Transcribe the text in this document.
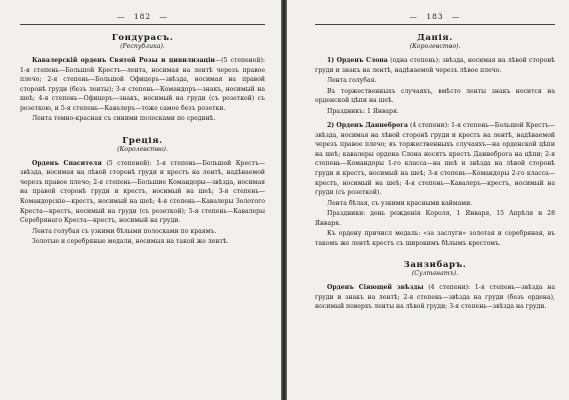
— 182 —
Гондурасъ.
(Республика).

Кавалерскій орденъ Святой Розы и цивилизаціи—(5 степеней): 1-я степень—Большой Крестъ—лента, носимая на лентѣ черезъ правое плечо; 2-я степень—Большой Офицеръ—звѣзда, носимая на правой сторонѣ груди (безъ ленты); 3-я степень—Командоръ—знакъ, носимый на шеѣ; 4-я степень—Офицеръ—знакъ, носимый на груди (съ розеткой) съ розеткою, и 5-я степень—Кавалеръ—тоже самое безъ розетки.

Лента темно-красная съ синими полосками по срединѣ.

Греція.
(Королевство).

Орденъ Спасителя (5 степеней): 1-я степень—Большой Крестъ—звѣзда, носимая на лѣвой сторонѣ груди и крестъ на лентѣ, надѣваемой черезъ правое плечо; 2-я степень—Большие Командоры—звѣзда, носимая на правой сторонѣ груди и крестъ, носимый на шеѣ; 3-я степень—Командорскіе—крестъ, носимый на шеѣ; 4-я степень—Кавалеры Золотого Креста—крестъ, носимый на груди (съ розеткой); 5-я степень—Кавалеры Серебрянаго Креста—крестъ, носимый на груди.

Лента голубая съ узкими бѣлыми полосками по краямъ.

Золотые и серебряные медали, носимыя на такой же лентѣ.

— 183 —
Данія.
(Королевство).

1) Орденъ Слона (одна степень): звѣзда, носимая на лѣвой сторонѣ груди и знакъ на лентѣ, надѣваемой черезъ лѣвое плечо.

Лента голубая.

Въ торжественныхъ случаяхъ, вмѣсто ленты знакъ носится на орденской цѣпи на шеѣ.

Праздникъ: 1 Января.

2) Орденъ Даннеброга (4 степени): 1-я степень—Большой Крестъ—звѣзда, носимая на лѣвой сторонѣ груди и крестъ на лентѣ, надѣваемой черезъ правое плечо; въ торжественныхъ случаяхъ—на орденской цѣпи на шеѣ; кавалеры ордена Слона носятъ крестъ Даннеброга на цѣпи; 2-я степень—Командоры 1-го класса—на шеѣ и звѣзда на лѣвой сторонѣ груди и крестъ, носимый на шеѣ; 3-я степень—Командоры 2-го класса—крестъ, носимый на шеѣ; 4-я степень—Кавалеръ—крестъ, носимый на груди (съ розеткой).

Лента бѣлая, съ узкими красными каймами.

Праздники: день рожденія Короля, 1 Января, 15 Апрѣля и 28 Января.

Къ ордену причисл медаль: «за заслуги» золотая и серебряная, въ такомъ же лентѣ крестъ съ широкимъ бѣлымъ крестомъ.

Занзибаръ.
(Султанатъ).

Орденъ Сіяющей звѣзды (4 степени): 1-я степень—звѣзда на груди и знакъ на лентѣ; 2-я степень—звѣзда на груди (безъ ордена), носимый поверхъ ленты на лѣвой груди; 3-я степень—звѣзда на груди.
